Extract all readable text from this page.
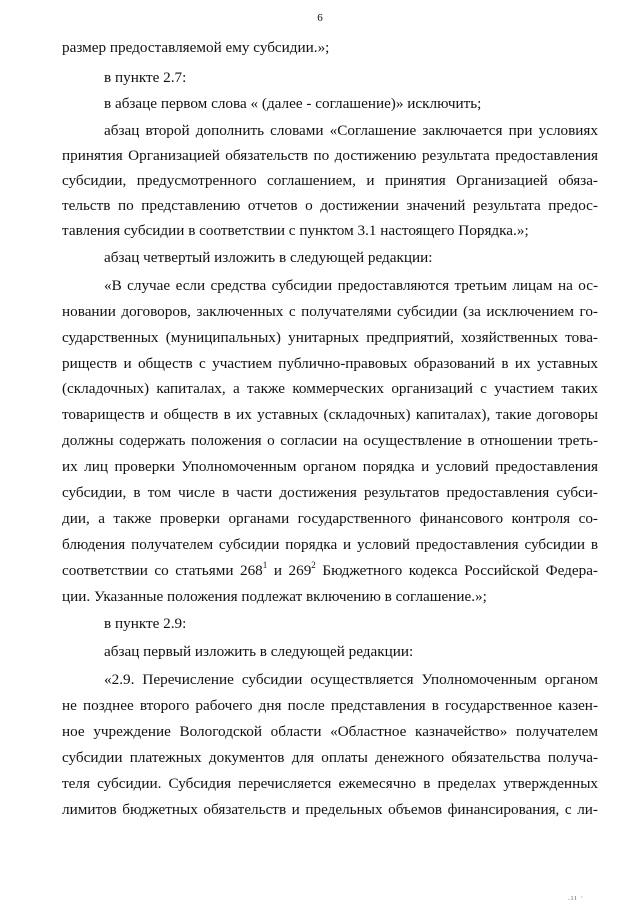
6
размер предоставляемой ему субсидии.»;
в пункте 2.7:
в абзаце первом слова « (далее - соглашение)» исключить;
абзац второй дополнить словами «Соглашение заключается при условиях
принятия Организацией обязательств по достижению результата предоставления
субсидии, предусмотренного соглашением, и принятия Организацией обяза-
тельств по представлению отчетов о достижении значений результата предос-
тавления субсидии в соответствии с пунктом 3.1 настоящего Порядка.»;
абзац четвертый изложить в следующей редакции:
«В случае если средства субсидии предоставляются третьим лицам на ос-
новании договоров, заключенных с получателями субсидии (за исключением го-
сударственных (муниципальных) унитарных предприятий, хозяйственных това-
риществ и обществ с участием публично-правовых образований в их уставных
(складочных) капиталах, а также коммерческих организаций с участием таких
товариществ и обществ в их уставных (складочных) капиталах), такие договоры
должны содержать положения о согласии на осуществление в отношении треть-
их лиц проверки Уполномоченным органом порядка и условий предоставления
субсидии, в том числе в части достижения результатов предоставления субси-
дии, а также проверки органами государственного финансового контроля со-
блюдения получателем субсидии порядка и условий предоставления субсидии в
соответствии со статьями $268^1$ и $269^2$ Бюджетного кодекса Российской Федера-
ции. Указанные положения подлежат включению в соглашение.»;
в пункте 2.9:
абзац первый изложить в следующей редакции:
«2.9. Перечисление субсидии осуществляется Уполномоченным органом
не позднее второго рабочего дня после представления в государственное казен-
ное учреждение Вологодской области «Областное казначейство» получателем
субсидии платежных документов для оплаты денежного обязательства получа-
теля субсидии. Субсидия перечисляется ежемесячно в пределах утвержденных
лимитов бюджетных обязательств и предельных объемов финансирования, с ли-
.ıı ·
